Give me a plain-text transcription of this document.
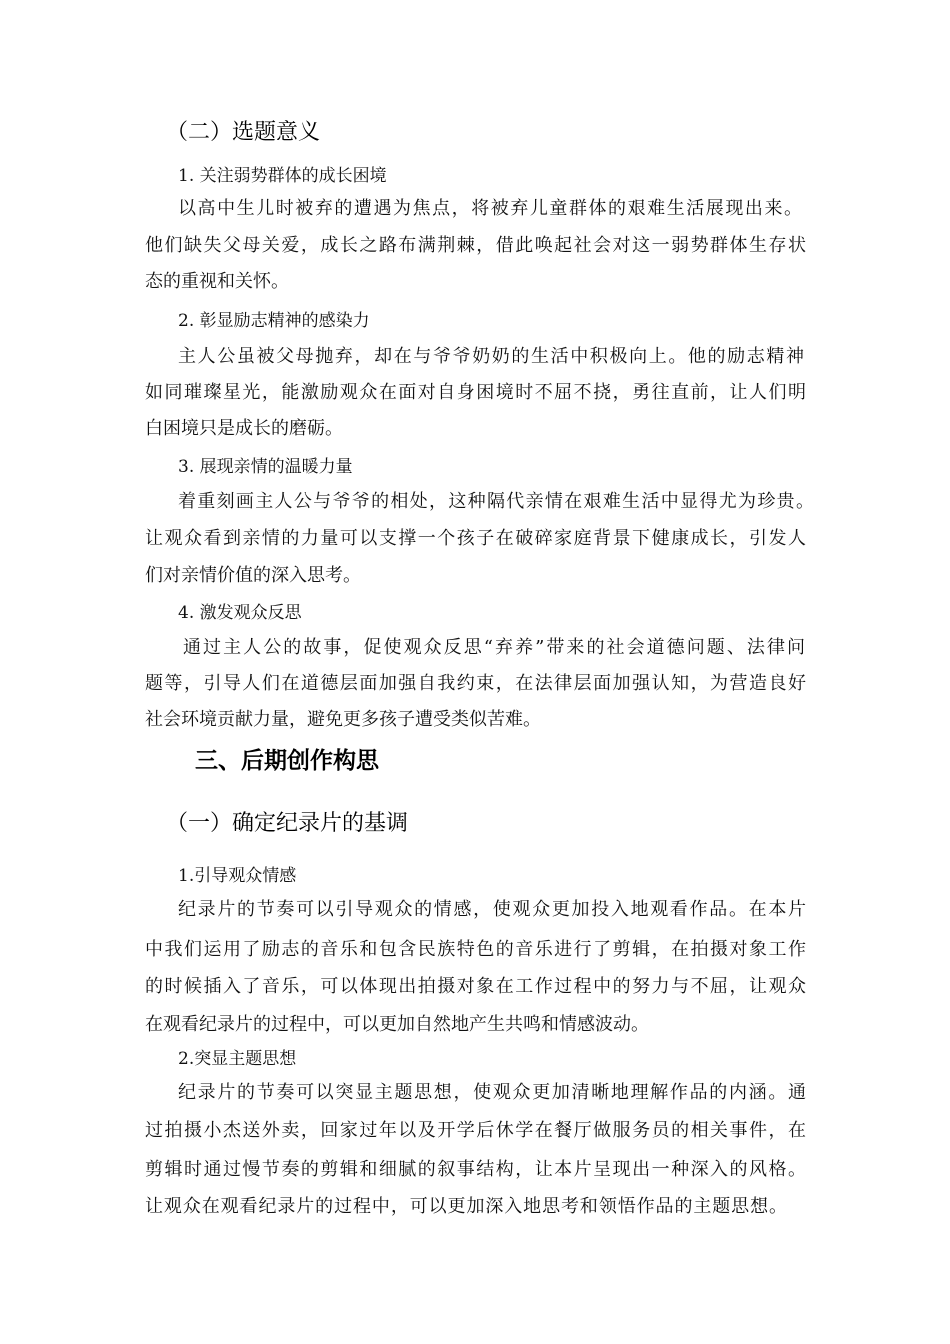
（二）选题意义
1. 关注弱势群体的成长困境
以高中生儿时被弃的遭遇为焦点，将被弃儿童群体的艰难生活展现出来。
他们缺失父母关爱，成长之路布满荆棘，借此唤起社会对这一弱势群体生存状
态的重视和关怀。
2. 彰显励志精神的感染力
主人公虽被父母抛弃，却在与爷爷奶奶的生活中积极向上。他的励志精神
如同璀璨星光，能激励观众在面对自身困境时不屈不挠，勇往直前，让人们明
白困境只是成长的磨砺。
3. 展现亲情的温暖力量
着重刻画主人公与爷爷的相处，这种隔代亲情在艰难生活中显得尤为珍贵。
让观众看到亲情的力量可以支撑一个孩子在破碎家庭背景下健康成长，引发人
们对亲情价值的深入思考。
4. 激发观众反思
通过主人公的故事，促使观众反思“弃养”带来的社会道德问题、法律问
题等，引导人们在道德层面加强自我约束，在法律层面加强认知，为营造良好
社会环境贡献力量，避免更多孩子遭受类似苦难。
三、后期创作构思
（一）确定纪录片的基调
1.引导观众情感
纪录片的节奏可以引导观众的情感，使观众更加投入地观看作品。在本片
中我们运用了励志的音乐和包含民族特色的音乐进行了剪辑，在拍摄对象工作
的时候插入了音乐，可以体现出拍摄对象在工作过程中的努力与不屈，让观众
在观看纪录片的过程中，可以更加自然地产生共鸣和情感波动。
2.突显主题思想
纪录片的节奏可以突显主题思想，使观众更加清晰地理解作品的内涵。通
过拍摄小杰送外卖，回家过年以及开学后休学在餐厅做服务员的相关事件，在
剪辑时通过慢节奏的剪辑和细腻的叙事结构，让本片呈现出一种深入的风格。
让观众在观看纪录片的过程中，可以更加深入地思考和领悟作品的主题思想。
